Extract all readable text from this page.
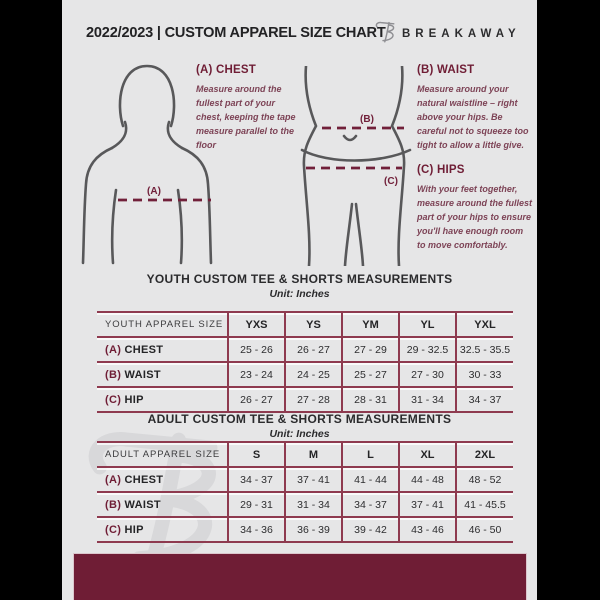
2022/2023 | CUSTOM APPAREL SIZE CHART BREAKAWAY
(A)
(B)
(C)
(A) CHEST

Measure around the fullest part of your chest, keeping the tape measure parallel to the floor

(B) WAIST

Measure around your natural waistline – right above your hips. Be careful not to squeeze too tight to allow a little give.

(C) HIPS

With your feet together, measure around the fullest part of your hips to ensure you'll have enough room to move comfortably.

YOUTH CUSTOM TEE & SHORTS MEASUREMENTS
Unit: Inches
YOUTH APPAREL SIZE	YXS	YS	YM	YL	YXL
(A) CHEST	25 - 26	26 - 27	27 - 29	29 - 32.5	32.5 - 35.5
(B) WAIST	23 - 24	24 - 25	25 - 27	27 - 30	30 - 33
(C) HIP	26 - 27	27 - 28	28 - 31	31 - 34	34 - 37
ADULT CUSTOM TEE & SHORTS MEASUREMENTS
Unit: Inches
ADULT APPAREL SIZE	S	M	L	XL	2XL
(A) CHEST	34 - 37	37 - 41	41 - 44	44 - 48	48 - 52
(B) WAIST	29 - 31	31 - 34	34 - 37	37 - 41	41 - 45.5
(C) HIP	34 - 36	36 - 39	39 - 42	43 - 46	46 - 50
